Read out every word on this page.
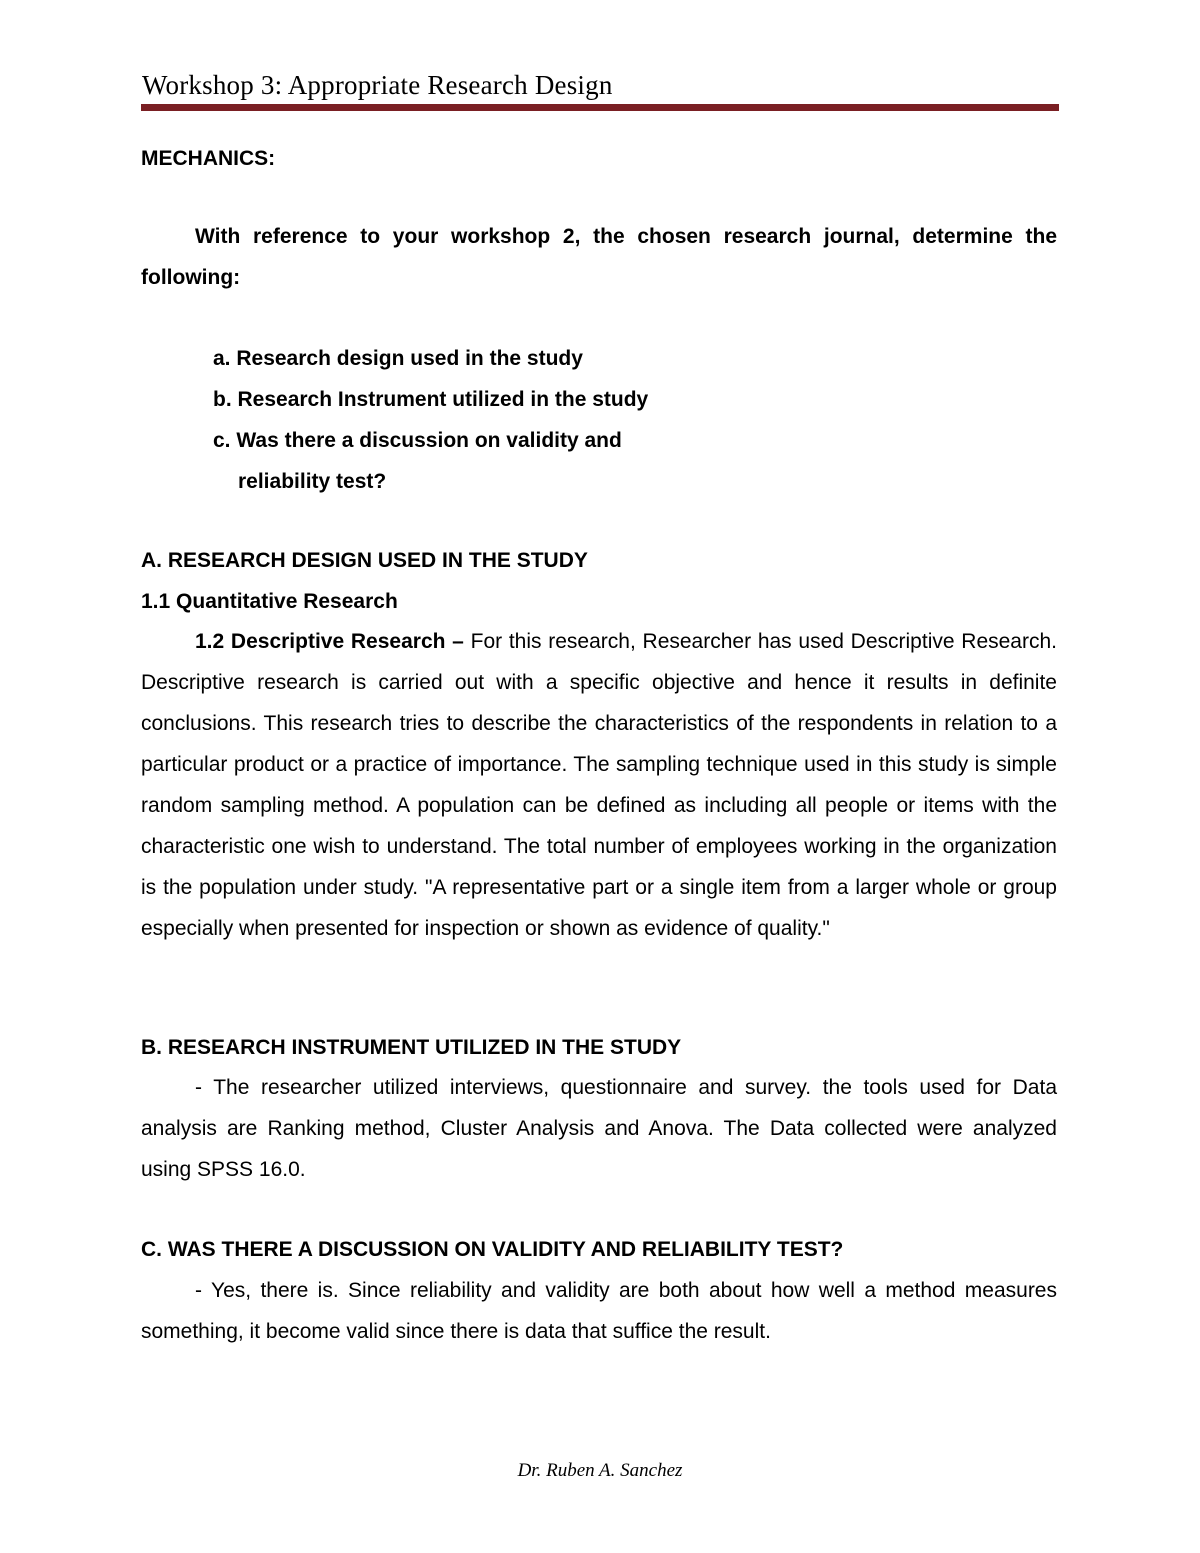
Workshop 3: Appropriate Research Design

MECHANICS:

With reference to your workshop 2, the chosen research journal, determine the following:

a. Research design used in the study

b. Research Instrument utilized in the study

c. Was there a discussion on validity and

reliability test?

A. RESEARCH DESIGN USED IN THE STUDY

1.1 Quantitative Research

1.2 Descriptive Research – For this research, Researcher has used Descriptive Research. Descriptive research is carried out with a specific objective and hence it results in definite conclusions. This research tries to describe the characteristics of the respondents in relation to a particular product or a practice of importance. The sampling technique used in this study is simple random sampling method. A population can be defined as including all people or items with the characteristic one wish to understand. The total number of employees working in the organization is the population under study. "A representative part or a single item from a larger whole or group especially when presented for inspection or shown as evidence of quality."

B. RESEARCH INSTRUMENT UTILIZED IN THE STUDY

- The researcher utilized interviews, questionnaire and survey. the tools used for Data analysis are Ranking method, Cluster Analysis and Anova. The Data collected were analyzed using SPSS 16.0.

C. WAS THERE A DISCUSSION ON VALIDITY AND RELIABILITY TEST?

- Yes, there is. Since reliability and validity are both about how well a method measures something, it become valid since there is data that suffice the result.

Dr. Ruben A. Sanchez
